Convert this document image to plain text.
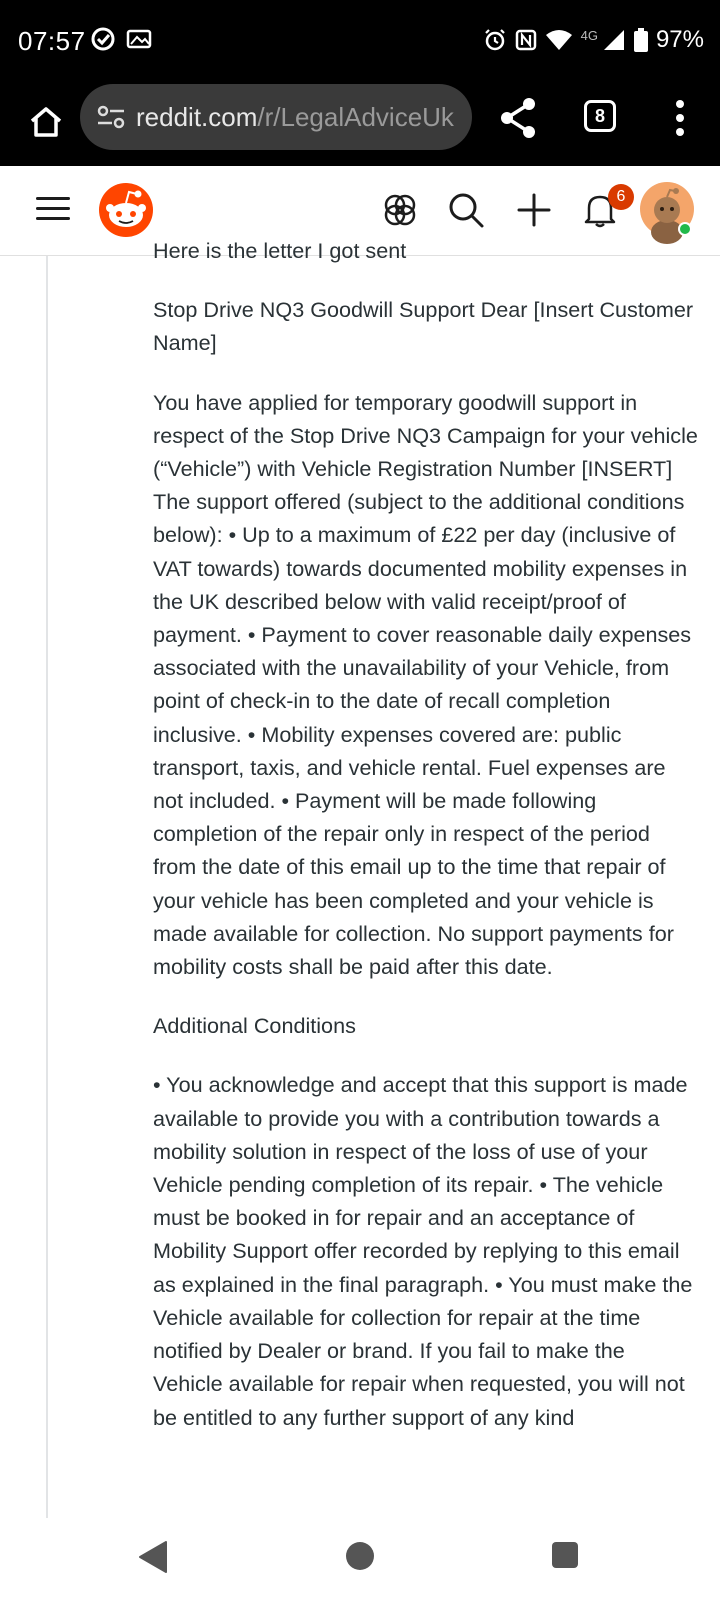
07:57	4G 97%
reddit.com/r/LegalAdviceUk	8
6

Here is the letter I got sent

Stop Drive NQ3 Goodwill Support Dear [Insert Customer Name]

You have applied for temporary goodwill support in respect of the Stop Drive NQ3 Campaign for your vehicle (“Vehicle”) with Vehicle Registration Number [INSERT] The support offered (subject to the additional conditions below): • Up to a maximum of £22 per day (inclusive of VAT towards) towards documented mobility expenses in the UK described below with valid receipt/proof of payment. • Payment to cover reasonable daily expenses associated with the unavailability of your Vehicle, from point of check-in to the date of recall completion inclusive. • Mobility expenses covered are: public transport, taxis, and vehicle rental. Fuel expenses are not included. • Payment will be made following completion of the repair only in respect of the period from the date of this email up to the time that repair of your vehicle has been completed and your vehicle is made available for collection. No support payments for mobility costs shall be paid after this date.

Additional Conditions

• You acknowledge and accept that this support is made available to provide you with a contribution towards a mobility solution in respect of the loss of use of your Vehicle pending completion of its repair. • The vehicle must be booked in for repair and an acceptance of Mobility Support offer recorded by replying to this email as explained in the final paragraph. • You must make the Vehicle available for collection for repair at the time notified by Dealer or brand. If you fail to make the Vehicle available for repair when requested, you will not be entitled to any further support of any kind
